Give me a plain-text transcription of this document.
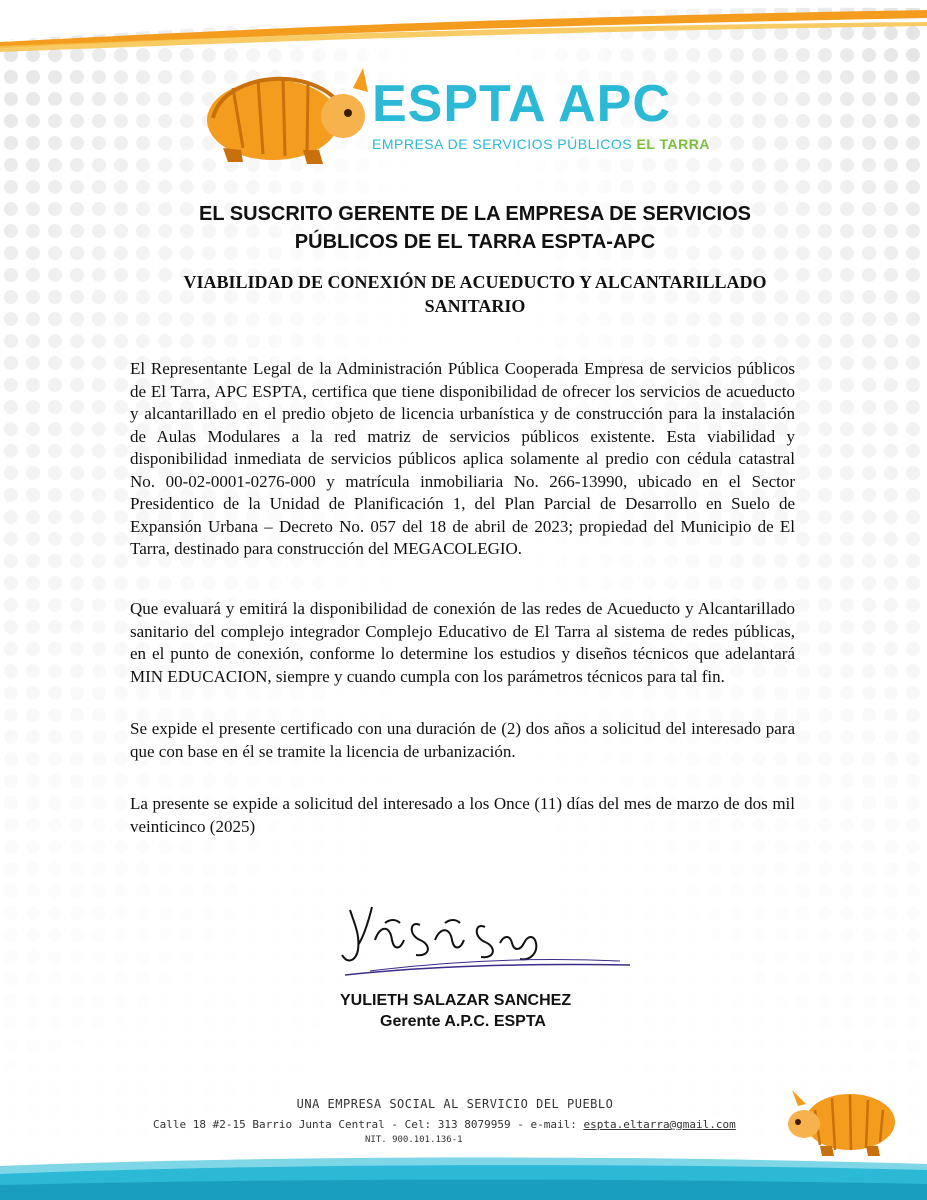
ESPTA APC
EMPRESA DE SERVICIOS PÚBLICOS EL TARRA
EL SUSCRITO GERENTE DE LA EMPRESA DE SERVICIOS
PÚBLICOS DE EL TARRA ESPTA-APC
VIABILIDAD DE CONEXIÓN DE ACUEDUCTO Y ALCANTARILLADO
SANITARIO

El Representante Legal de la Administración Pública Cooperada Empresa de servicios públicos de El Tarra, APC ESPTA, certifica que tiene disponibilidad de ofrecer los servicios de acueducto y alcantarillado en el predio objeto de licencia urbanística y de construcción para la instalación de Aulas Modulares a la red matriz de servicios públicos existente. Esta viabilidad y disponibilidad inmediata de servicios públicos aplica solamente al predio con cédula catastral No. 00-02-0001-0276-000 y matrícula inmobiliaria No. 266-13990, ubicado en el Sector Presidentico de la Unidad de Planificación 1, del Plan Parcial de Desarrollo en Suelo de Expansión Urbana – Decreto No. 057 del 18 de abril de 2023; propiedad del Municipio de El Tarra, destinado para construcción del MEGACOLEGIO.

Que evaluará y emitirá la disponibilidad de conexión de las redes de Acueducto y Alcantarillado sanitario del complejo integrador Complejo Educativo de El Tarra al sistema de redes públicas, en el punto de conexión, conforme lo determine los estudios y diseños técnicos que adelantará MIN EDUCACION, siempre y cuando cumpla con los parámetros técnicos para tal fin.

Se expide el presente certificado con una duración de (2) dos años a solicitud del interesado para que con base en él se tramite la licencia de urbanización.

La presente se expide a solicitud del interesado a los Once (11) días del mes de marzo de dos mil veinticinco (2025)

YULIETH SALAZAR SANCHEZ
Gerente A.P.C. ESPTA
UNA EMPRESA SOCIAL AL SERVICIO DEL PUEBLO
Calle 18 #2-15 Barrio Junta Central - Cel: 313 8079959 - e-mail: espta.eltarra@gmail.com
NIT. 900.101.136-1
